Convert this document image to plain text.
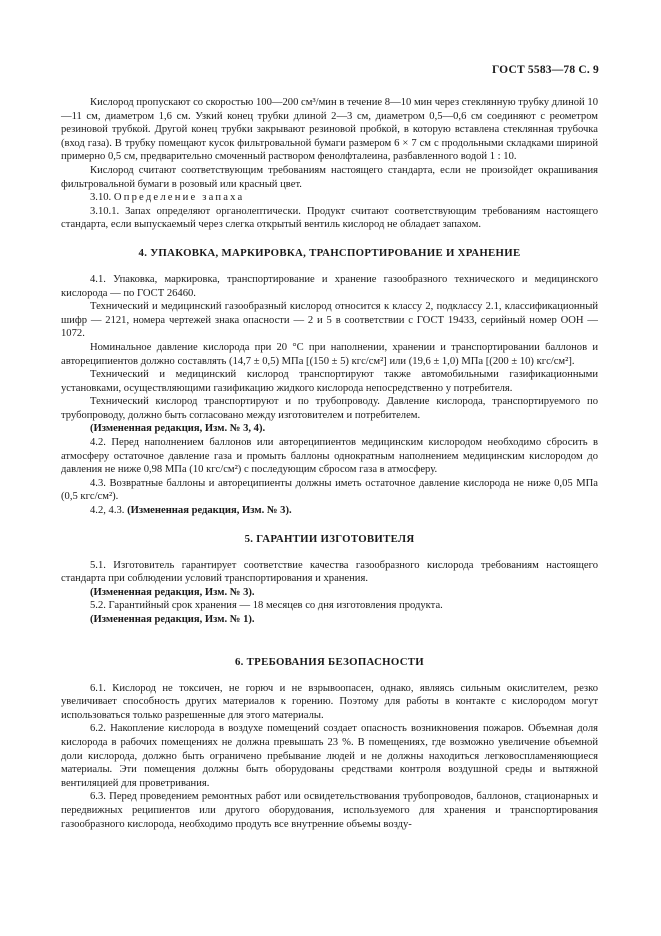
ГОСТ 5583—78 С. 9

Кислород пропускают со скоростью 100—200 см³/мин в течение 8—10 мин через стеклянную трубку длиной 10—11 см, диаметром 1,6 см. Узкий конец трубки длиной 2—3 см, диаметром 0,5—0,6 см соединяют с реометром резиновой трубкой. Другой конец трубки закрывают резиновой пробкой, в которую вставлена стеклянная трубочка (вход газа). В трубку помещают кусок фильтровальной бумаги размером 6 × 7 см с продольными складками шириной примерно 0,5 см, предварительно смоченный раствором фенолфталеина, разбавленного водой 1 : 10.

Кислород считают соответствующим требованиям настоящего стандарта, если не произойдет окрашивания фильтровальной бумаги в розовый или красный цвет.

3.10. Определение запаха

3.10.1. Запах определяют органолептически. Продукт считают соответствующим требованиям настоящего стандарта, если выпускаемый через слегка открытый вентиль кислород не обладает запахом.

4. УПАКОВКА, МАРКИРОВКА, ТРАНСПОРТИРОВАНИЕ И ХРАНЕНИЕ

4.1. Упаковка, маркировка, транспортирование и хранение газообразного технического и медицинского кислорода — по ГОСТ 26460.

Технический и медицинский газообразный кислород относится к классу 2, подклассу 2.1, классификационный шифр — 2121, номера чертежей знака опасности — 2 и 5 в соответствии с ГОСТ 19433, серийный номер ООН — 1072.

Номинальное давление кислорода при 20 °С при наполнении, хранении и транспортировании баллонов и автореципиентов должно составлять (14,7 ± 0,5) МПа [(150 ± 5) кгс/см²] или (19,6 ± 1,0) МПа [(200 ± 10) кгс/см²].

Технический и медицинский кислород транспортируют также автомобильными газификационными установками, осуществляющими газификацию жидкого кислорода непосредственно у потребителя.

Технический кислород транспортируют и по трубопроводу. Давление кислорода, транспортируемого по трубопроводу, должно быть согласовано между изготовителем и потребителем.

(Измененная редакция, Изм. № 3, 4).

4.2. Перед наполнением баллонов или автореципиентов медицинским кислородом необходимо сбросить в атмосферу остаточное давление газа и промыть баллоны однократным наполнением медицинским кислородом до давления не ниже 0,98 МПа (10 кгс/см²) с последующим сбросом газа в атмосферу.

4.3. Возвратные баллоны и автореципиенты должны иметь остаточное давление кислорода не ниже 0,05 МПа (0,5 кгс/см²).

4.2, 4.3. (Измененная редакция, Изм. № 3).

5. ГАРАНТИИ ИЗГОТОВИТЕЛЯ

5.1. Изготовитель гарантирует соответствие качества газообразного кислорода требованиям настоящего стандарта при соблюдении условий транспортирования и хранения.

(Измененная редакция, Изм. № 3).

5.2. Гарантийный срок хранения — 18 месяцев со дня изготовления продукта.

(Измененная редакция, Изм. № 1).

6. ТРЕБОВАНИЯ БЕЗОПАСНОСТИ

6.1. Кислород не токсичен, не горюч и не взрывоопасен, однако, являясь сильным окислителем, резко увеличивает способность других материалов к горению. Поэтому для работы в контакте с кислородом могут использоваться только разрешенные для этого материалы.

6.2. Накопление кислорода в воздухе помещений создает опасность возникновения пожаров. Объемная доля кислорода в рабочих помещениях не должна превышать 23 %. В помещениях, где возможно увеличение объемной доли кислорода, должно быть ограничено пребывание людей и не должны находиться легковоспламеняющиеся материалы. Эти помещения должны быть оборудованы средствами контроля воздушной среды и вытяжной вентиляцией для проветривания.

6.3. Перед проведением ремонтных работ или освидетельствования трубопроводов, баллонов, стационарных и передвижных реципиентов или другого оборудования, используемого для хранения и транспортирования газообразного кислорода, необходимо продуть все внутренние объемы возду-
